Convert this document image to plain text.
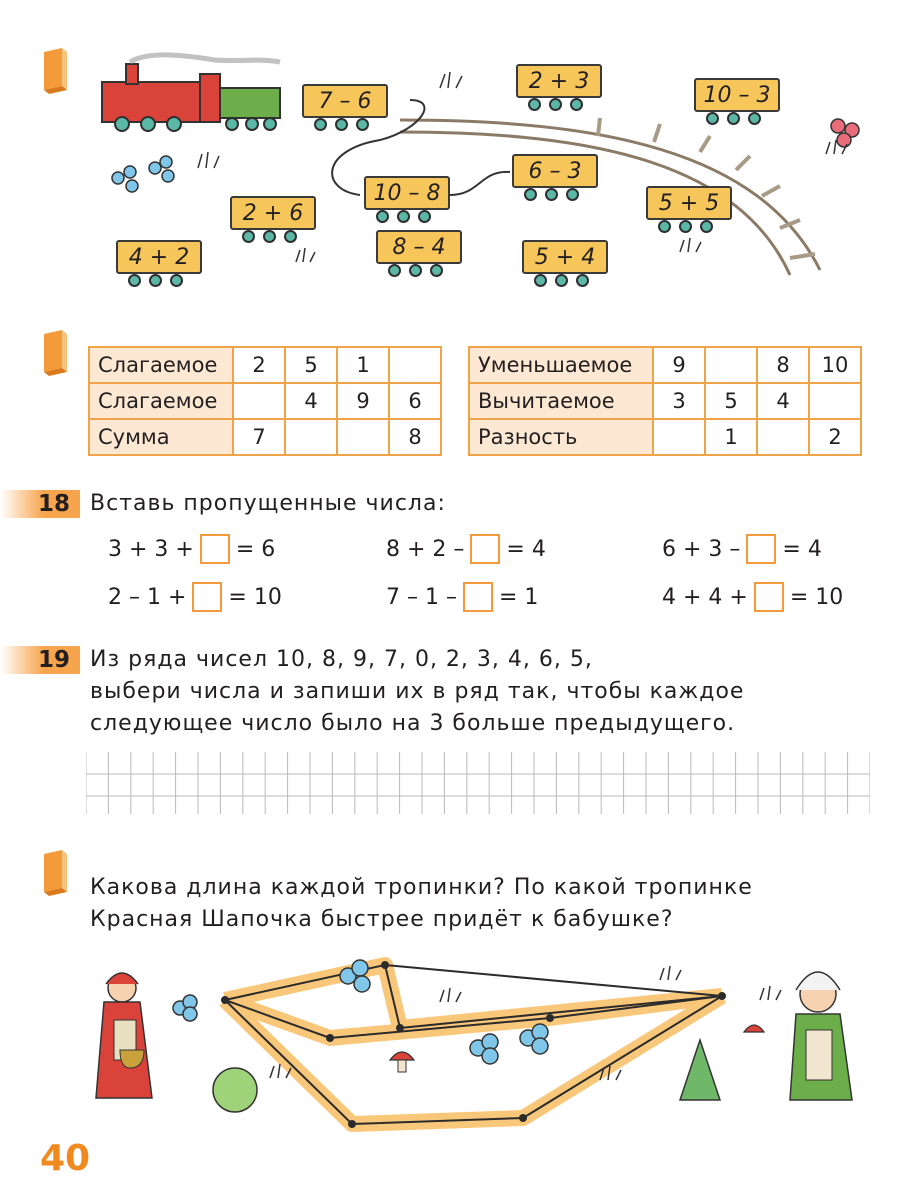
7 – 6
2 + 3
10 – 3
6 – 3
10 – 8
2 + 6	5 + 5
8 – 4
4 + 2	5 + 4
Слагаемое	2	5	1	
Слагаемое		4	9	6
Сумма	7			8
Уменьшаемое	9		8	10
Вычитаемое	3	5	4	
Разность		1		2
18 Вставь пропущенные числа:
3 + 3 + = 6	8 + 2 – = 4	6 + 3 – = 4
2 – 1 + = 10	7 – 1 – = 1	4 + 4 + = 10
19 Из ряда чисел 10, 8, 9, 7, 0, 2, 3, 4, 6, 5,
выбери числа и запиши их в ряд так, чтобы каждое
следующее число было на 3 больше предыдущего.
Какова длина каждой тропинки? По какой тропинке
Красная Шапочка быстрее придёт к бабушке?
40
